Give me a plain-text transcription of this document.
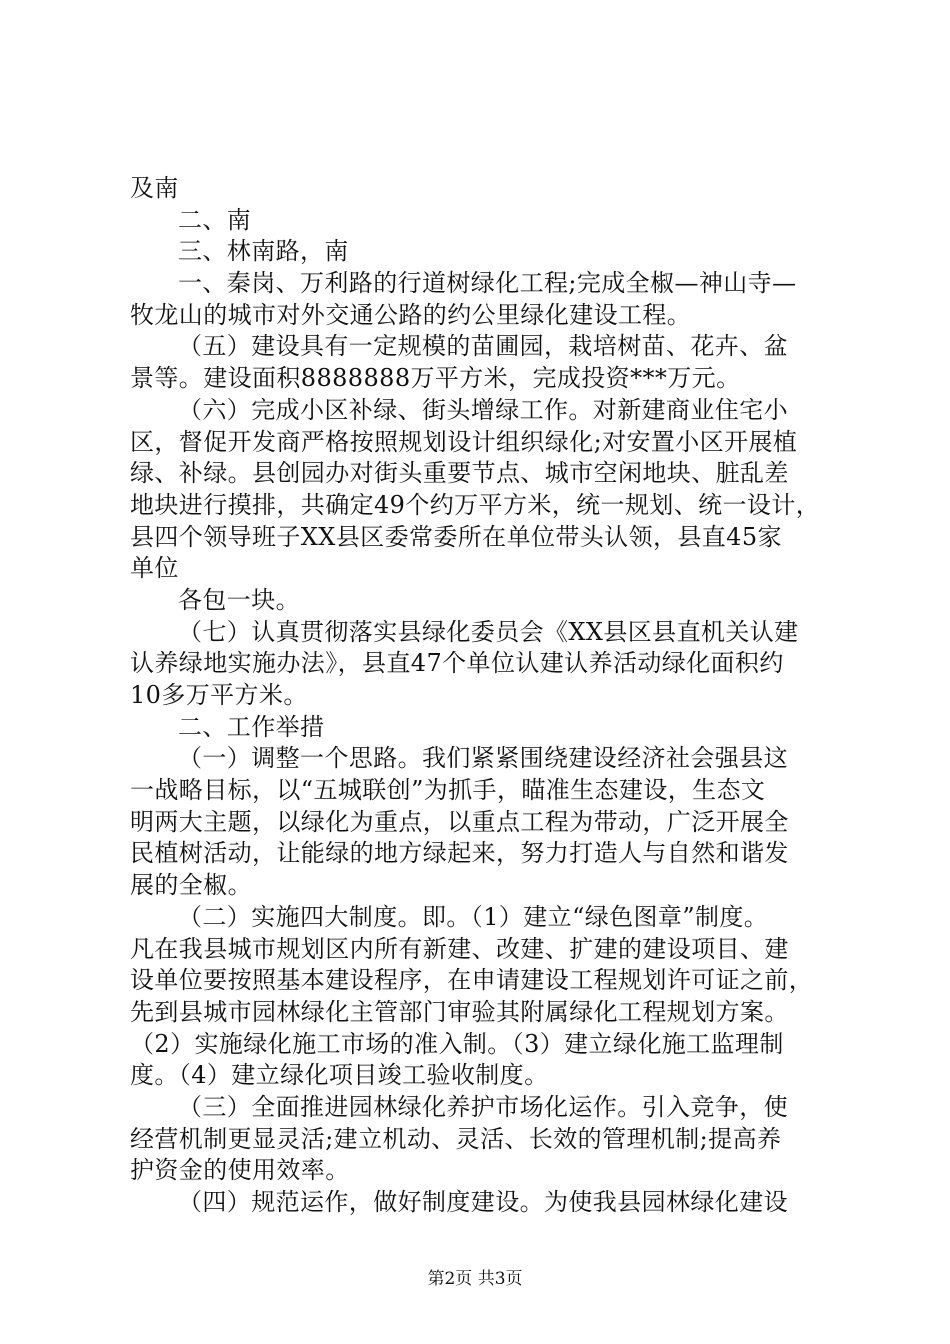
及南
二、南
三、林南路，南
一、秦岗、万利路的行道树绿化工程;完成全椒—神山寺—
牧龙山的城市对外交通公路的约公里绿化建设工程。
（五）建设具有一定规模的苗圃园，栽培树苗、花卉、盆
景等。建设面积8888888万平方米，完成投资***万元。
（六）完成小区补绿、街头增绿工作。对新建商业住宅小
区，督促开发商严格按照规划设计组织绿化;对安置小区开展植
绿、补绿。县创园办对街头重要节点、城市空闲地块、脏乱差
地块进行摸排，共确定49个约万平方米，统一规划、统一设计，
县四个领导班子XX县区委常委所在单位带头认领，县直45家
单位
各包一块。
（七）认真贯彻落实县绿化委员会《XX县区县直机关认建
认养绿地实施办法》，县直47个单位认建认养活动绿化面积约
10多万平方米。
二、工作举措
（一）调整一个思路。我们紧紧围绕建设经济社会强县这
一战略目标，以“五城联创”为抓手，瞄准生态建设，生态文
明两大主题，以绿化为重点，以重点工程为带动，广泛开展全
民植树活动，让能绿的地方绿起来，努力打造人与自然和谐发
展的全椒。
（二）实施四大制度。即。（1）建立“绿色图章”制度。
凡在我县城市规划区内所有新建、改建、扩建的建设项目、建
设单位要按照基本建设程序，在申请建设工程规划许可证之前，
先到县城市园林绿化主管部门审验其附属绿化工程规划方案。
（2）实施绿化施工市场的准入制。（3）建立绿化施工监理制
度。（4）建立绿化项目竣工验收制度。
（三）全面推进园林绿化养护市场化运作。引入竞争，使
经营机制更显灵活;建立机动、灵活、长效的管理机制;提高养
护资金的使用效率。
（四）规范运作，做好制度建设。为使我县园林绿化建设
第2页 共3页
